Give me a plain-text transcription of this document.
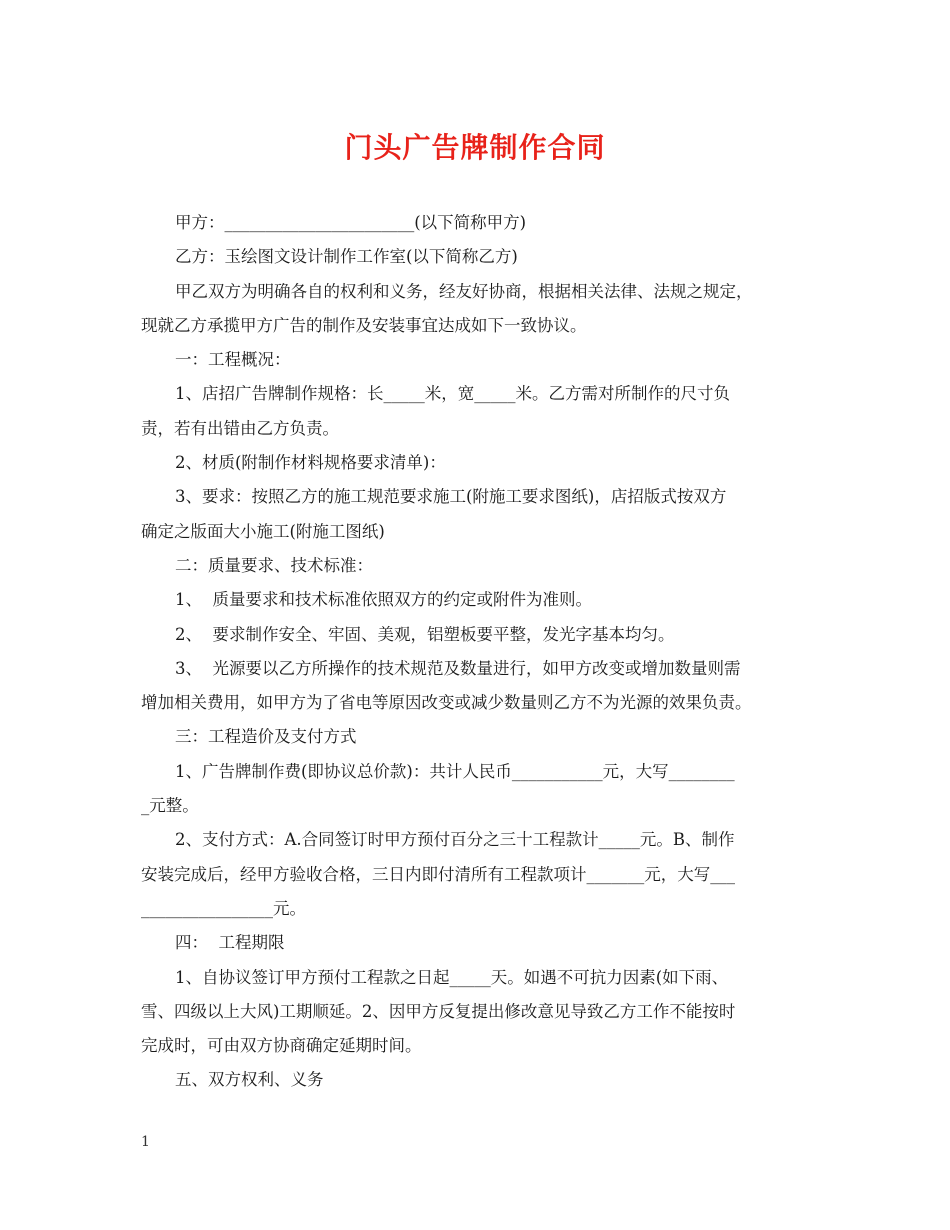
门头广告牌制作合同
甲方：_______________________(以下简称甲方)
乙方：玉绘图文设计制作工作室(以下简称乙方)
甲乙双方为明确各自的权利和义务，经友好协商，根据相关法律、法规之规定，
现就乙方承揽甲方广告的制作及安装事宜达成如下一致协议。
一：工程概况：
1、店招广告牌制作规格：长_____米，宽_____米。乙方需对所制作的尺寸负
责，若有出错由乙方负责。
2、材质(附制作材料规格要求清单)：
3、要求：按照乙方的施工规范要求施工(附施工要求图纸)，店招版式按双方
确定之版面大小施工(附施工图纸)
二：质量要求、技术标准：
1、  质量要求和技术标准依照双方的约定或附件为准则。
2、  要求制作安全、牢固、美观，铝塑板要平整，发光字基本均匀。
3、  光源要以乙方所操作的技术规范及数量进行，如甲方改变或增加数量则需
增加相关费用，如甲方为了省电等原因改变或减少数量则乙方不为光源的效果负责。
三：工程造价及支付方式
1、广告牌制作费(即协议总价款)：共计人民币___________元，大写________
_元整。
2、支付方式：A.合同签订时甲方预付百分之三十工程款计_____元。B、制作
安装完成后，经甲方验收合格，三日内即付清所有工程款项计_______元，大写___
________________元。
四：  工程期限
1、自协议签订甲方预付工程款之日起_____天。如遇不可抗力因素(如下雨、
雪、四级以上大风)工期顺延。2、因甲方反复提出修改意见导致乙方工作不能按时
完成时，可由双方协商确定延期时间。
五、双方权利、义务
1
